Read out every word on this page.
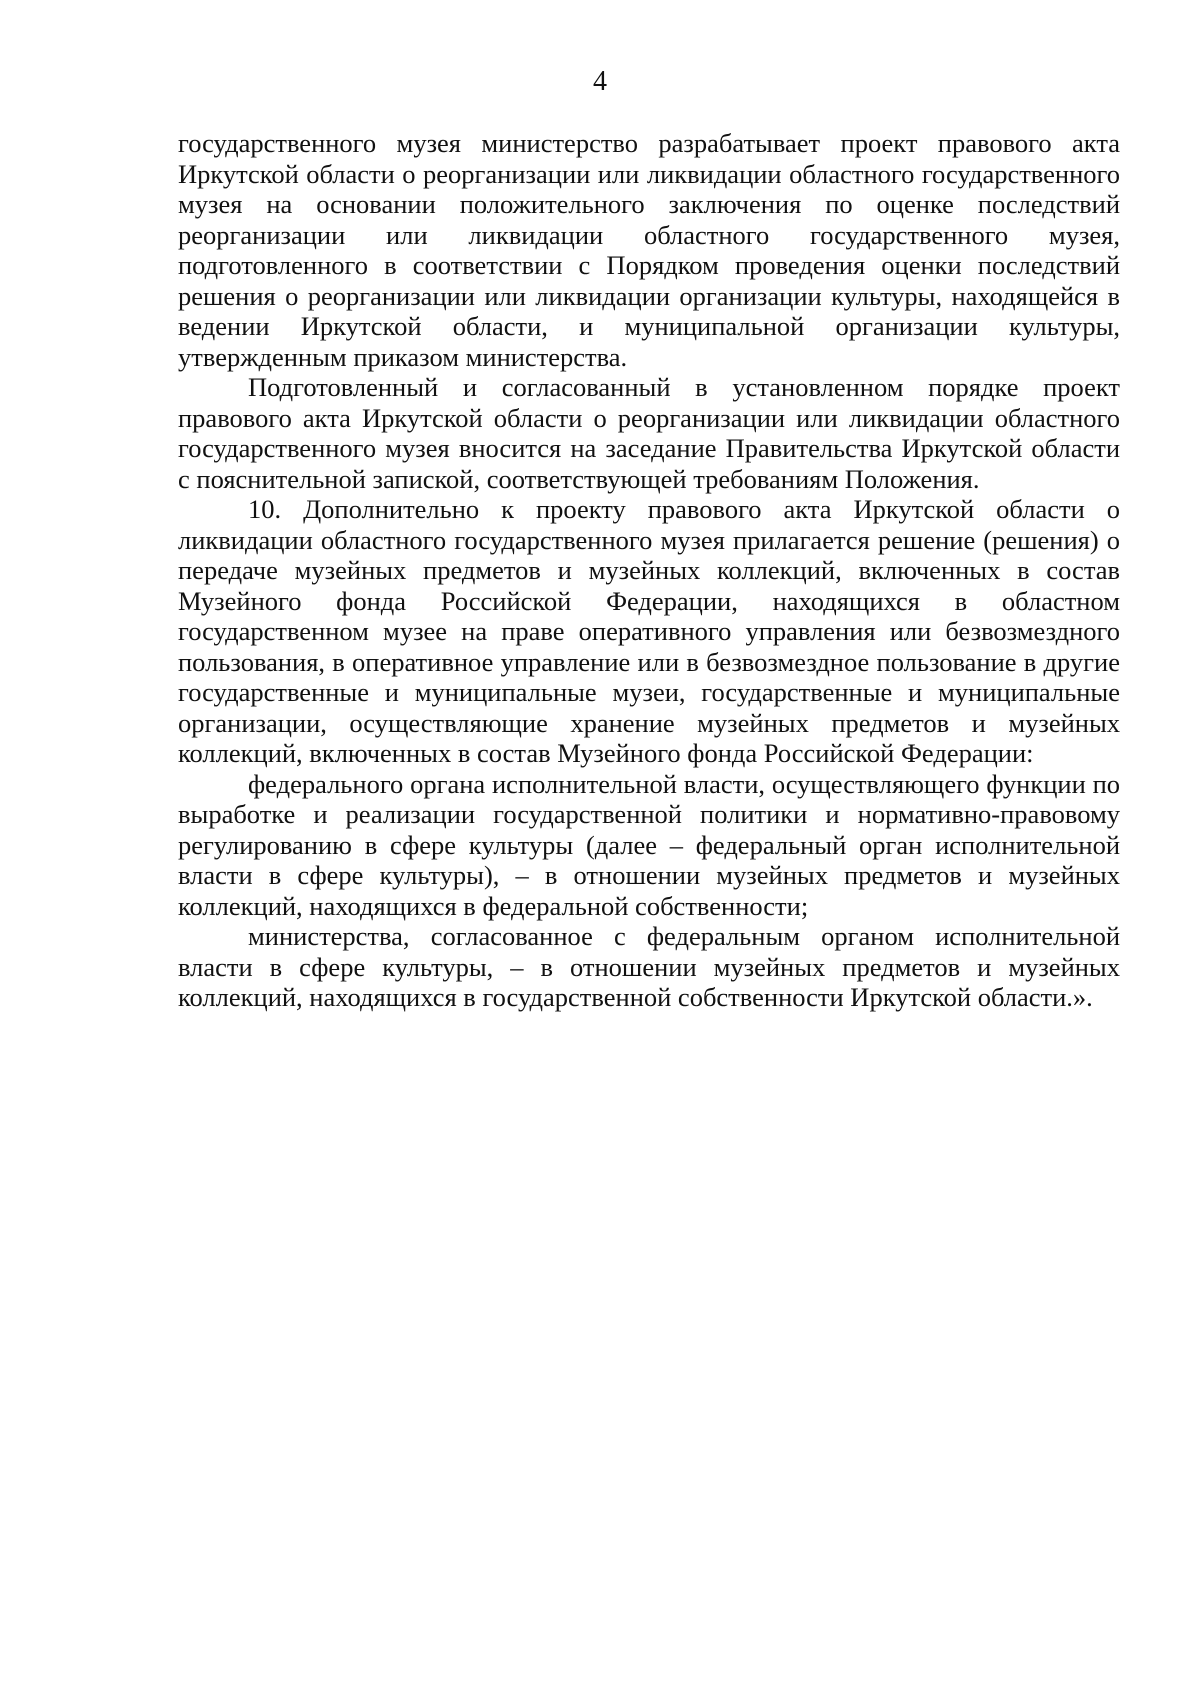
4

государственного музея министерство разрабатывает проект правового акта Иркутской области о реорганизации или ликвидации областного государственного музея на основании положительного заключения по оценке последствий реорганизации или ликвидации областного государственного музея, подготовленного в соответствии с Порядком проведения оценки последствий решения о реорганизации или ликвидации организации культуры, находящейся в ведении Иркутской области, и муниципальной организации культуры, утвержденным приказом министерства.

Подготовленный и согласованный в установленном порядке проект правового акта Иркутской области о реорганизации или ликвидации областного государственного музея вносится на заседание Правительства Иркутской области с пояснительной запиской, соответствующей требованиям Положения.

10. Дополнительно к проекту правового акта Иркутской области о ликвидации областного государственного музея прилагается решение (решения) о передаче музейных предметов и музейных коллекций, включенных в состав Музейного фонда Российской Федерации, находящихся в областном государственном музее на праве оперативного управления или безвозмездного пользования, в оперативное управление или в безвозмездное пользование в другие государственные и муниципальные музеи, государственные и муниципальные организации, осуществляющие хранение музейных предметов и музейных коллекций, включенных в состав Музейного фонда Российской Федерации:

федерального органа исполнительной власти, осуществляющего функции по выработке и реализации государственной политики и нормативно-правовому регулированию в сфере культуры (далее – федеральный орган исполнительной власти в сфере культуры), – в отношении музейных предметов и музейных коллекций, находящихся в федеральной собственности;

министерства, согласованное с федеральным органом исполнительной власти в сфере культуры, – в отношении музейных предметов и музейных коллекций, находящихся в государственной собственности Иркутской области.».
